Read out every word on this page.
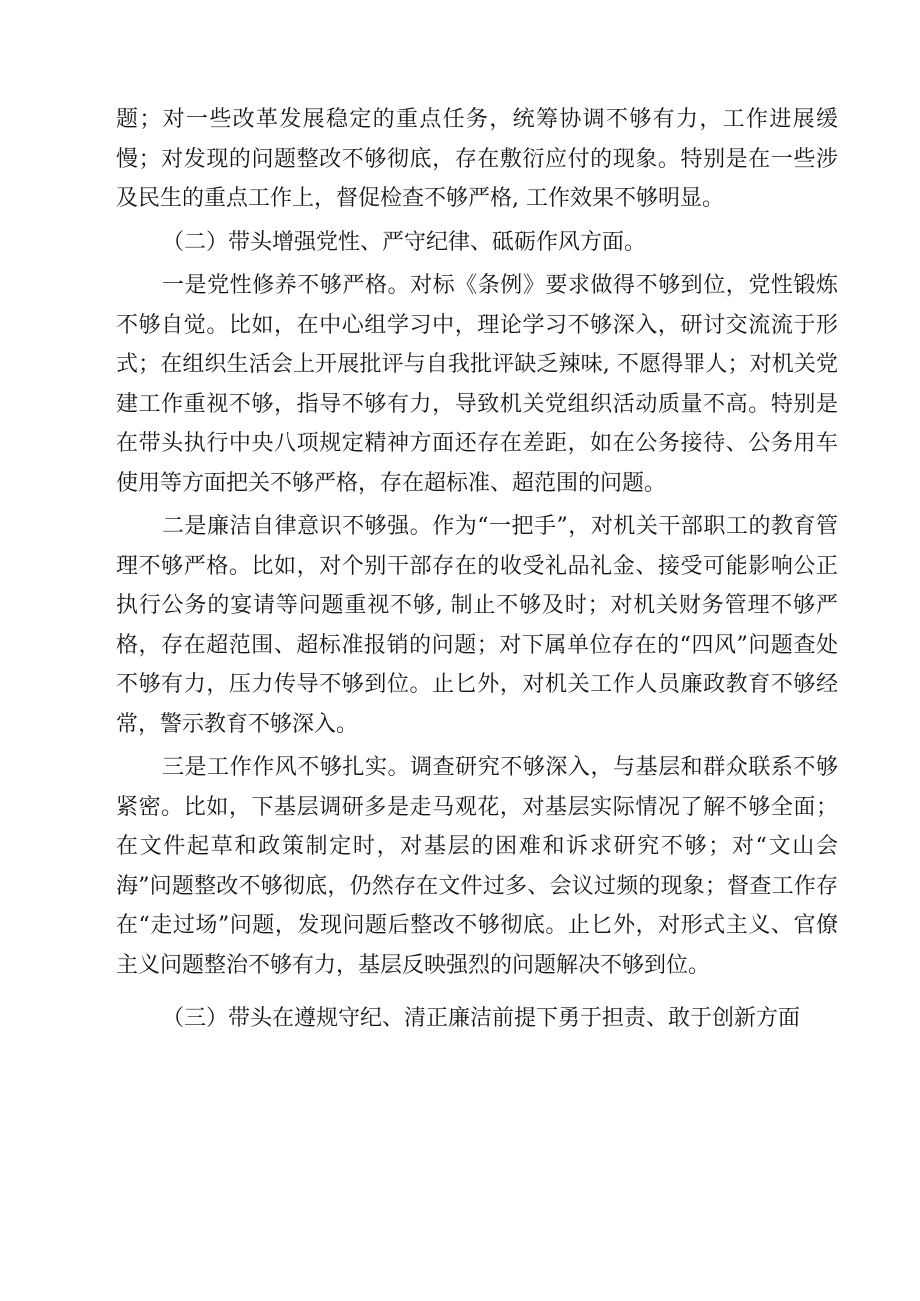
题；对一些改革发展稳定的重点任务，统筹协调不够有力，工作进展缓慢；对发现的问题整改不够彻底，存在敷衍应付的现象。特别是在一些涉及民生的重点工作上，督促检查不够严格, 工作效果不够明显。

（二）带头增强党性、严守纪律、砥砺作风方面。

一是党性修养不够严格。对标《条例》要求做得不够到位，党性锻炼不够自觉。比如，在中心组学习中，理论学习不够深入，研讨交流流于形式；在组织生活会上开展批评与自我批评缺乏辣味, 不愿得罪人；对机关党建工作重视不够，指导不够有力，导致机关党组织活动质量不高。特别是在带头执行中央八项规定精神方面还存在差距，如在公务接待、公务用车使用等方面把关不够严格，存在超标准、超范围的问题。

二是廉洁自律意识不够强。作为“一把手”，对机关干部职工的教育管理不够严格。比如，对个别干部存在的收受礼品礼金、接受可能影响公正执行公务的宴请等问题重视不够, 制止不够及时；对机关财务管理不够严格，存在超范围、超标准报销的问题；对下属单位存在的“四风”问题查处不够有力，压力传导不够到位。止匕外，对机关工作人员廉政教育不够经常，警示教育不够深入。

三是工作作风不够扎实。调查研究不够深入，与基层和群众联系不够紧密。比如，下基层调研多是走马观花，对基层实际情况了解不够全面；在文件起草和政策制定时，对基层的困难和诉求研究不够；对“文山会海”问题整改不够彻底，仍然存在文件过多、会议过频的现象；督查工作存在“走过场”问题，发现问题后整改不够彻底。止匕外，对形式主义、官僚主义问题整治不够有力，基层反映强烈的问题解决不够到位。

（三）带头在遵规守纪、清正廉洁前提下勇于担责、敢于创新方面
